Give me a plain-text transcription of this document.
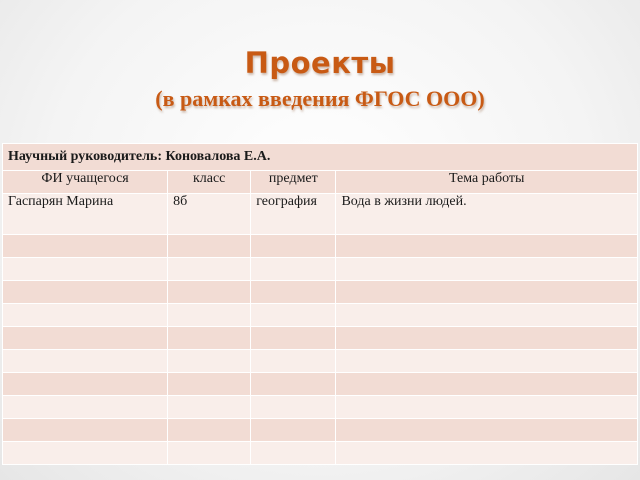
Проекты
(в рамках введения ФГОС ООО)
Научный руководитель: Коновалова Е.А.			
ФИ учащегося	класс	предмет	Тема работы
Гаспарян Марина	8б	география	Вода в жизни людей.
